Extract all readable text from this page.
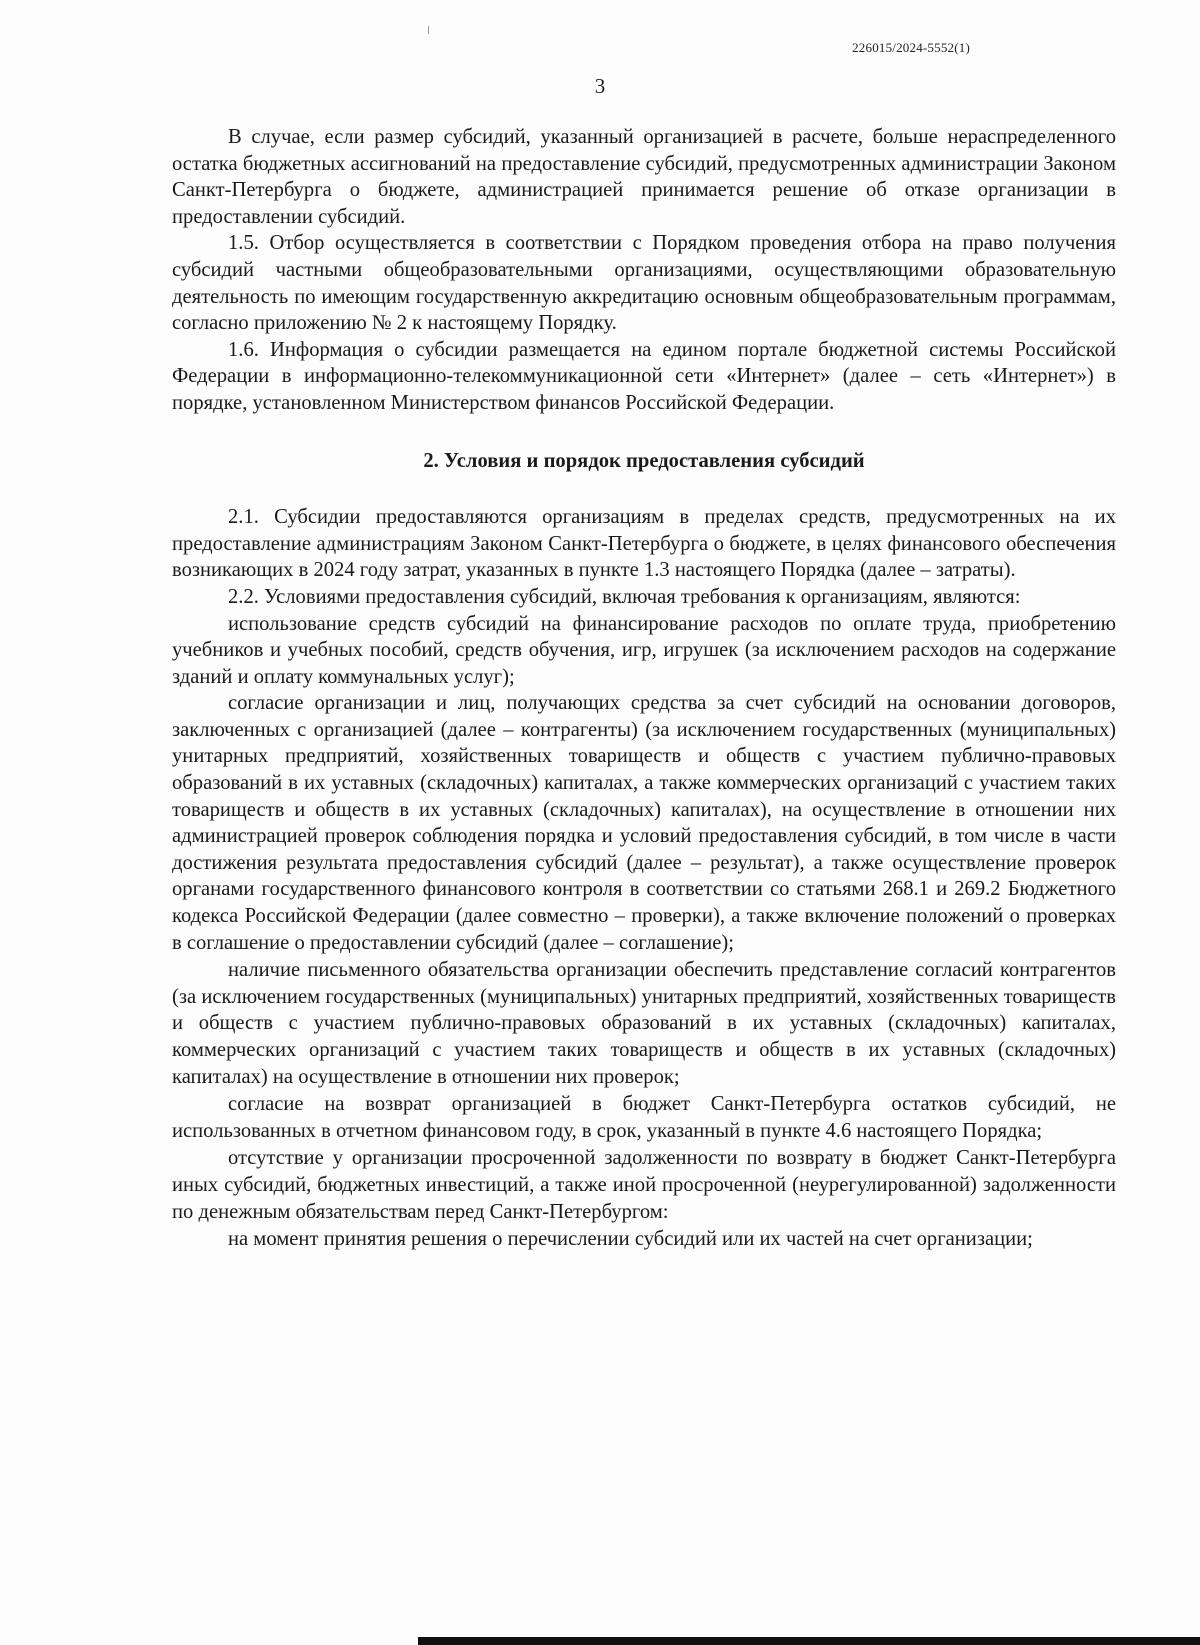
226015/2024-5552(1)
3

В случае, если размер субсидий, указанный организацией в расчете, больше нераспределенного остатка бюджетных ассигнований на предоставление субсидий, предусмотренных администрации Законом Санкт-Петербурга о бюджете, администрацией принимается решение об отказе организации в предоставлении субсидий.

1.5. Отбор осуществляется в соответствии с Порядком проведения отбора на право получения субсидий частными общеобразовательными организациями, осуществляющими образовательную деятельность по имеющим государственную аккредитацию основным общеобразовательным программам, согласно приложению № 2 к настоящему Порядку.

1.6. Информация о субсидии размещается на едином портале бюджетной системы Российской Федерации в информационно-телекоммуникационной сети «Интернет» (далее – сеть «Интернет») в порядке, установленном Министерством финансов Российской Федерации.

2. Условия и порядок предоставления субсидий

2.1. Субсидии предоставляются организациям в пределах средств, предусмотренных на их предоставление администрациям Законом Санкт-Петербурга о бюджете, в целях финансового обеспечения возникающих в 2024 году затрат, указанных в пункте 1.3 настоящего Порядка (далее – затраты).

2.2. Условиями предоставления субсидий, включая требования к организациям, являются:

использование средств субсидий на финансирование расходов по оплате труда, приобретению учебников и учебных пособий, средств обучения, игр, игрушек (за исключением расходов на содержание зданий и оплату коммунальных услуг);

согласие организации и лиц, получающих средства за счет субсидий на основании договоров, заключенных с организацией (далее – контрагенты) (за исключением государственных (муниципальных) унитарных предприятий, хозяйственных товариществ и обществ с участием публично-правовых образований в их уставных (складочных) капиталах, а также коммерческих организаций с участием таких товариществ и обществ в их уставных (складочных) капиталах), на осуществление в отношении них администрацией проверок соблюдения порядка и условий предоставления субсидий, в том числе в части достижения результата предоставления субсидий (далее – результат), а также осуществление проверок органами государственного финансового контроля в соответствии со статьями 268.1 и 269.2 Бюджетного кодекса Российской Федерации (далее совместно – проверки), а также включение положений о проверках в соглашение о предоставлении субсидий (далее – соглашение);

наличие письменного обязательства организации обеспечить представление согласий контрагентов (за исключением государственных (муниципальных) унитарных предприятий, хозяйственных товариществ и обществ с участием публично-правовых образований в их уставных (складочных) капиталах, коммерческих организаций с участием таких товариществ и обществ в их уставных (складочных) капиталах) на осуществление в отношении них проверок;

согласие на возврат организацией в бюджет Санкт-Петербурга остатков субсидий, не использованных в отчетном финансовом году, в срок, указанный в пункте 4.6 настоящего Порядка;

отсутствие у организации просроченной задолженности по возврату в бюджет Санкт-Петербурга иных субсидий, бюджетных инвестиций, а также иной просроченной (неурегулированной) задолженности по денежным обязательствам перед Санкт-Петербургом:

на момент принятия решения о перечислении субсидий или их частей на счет организации;
